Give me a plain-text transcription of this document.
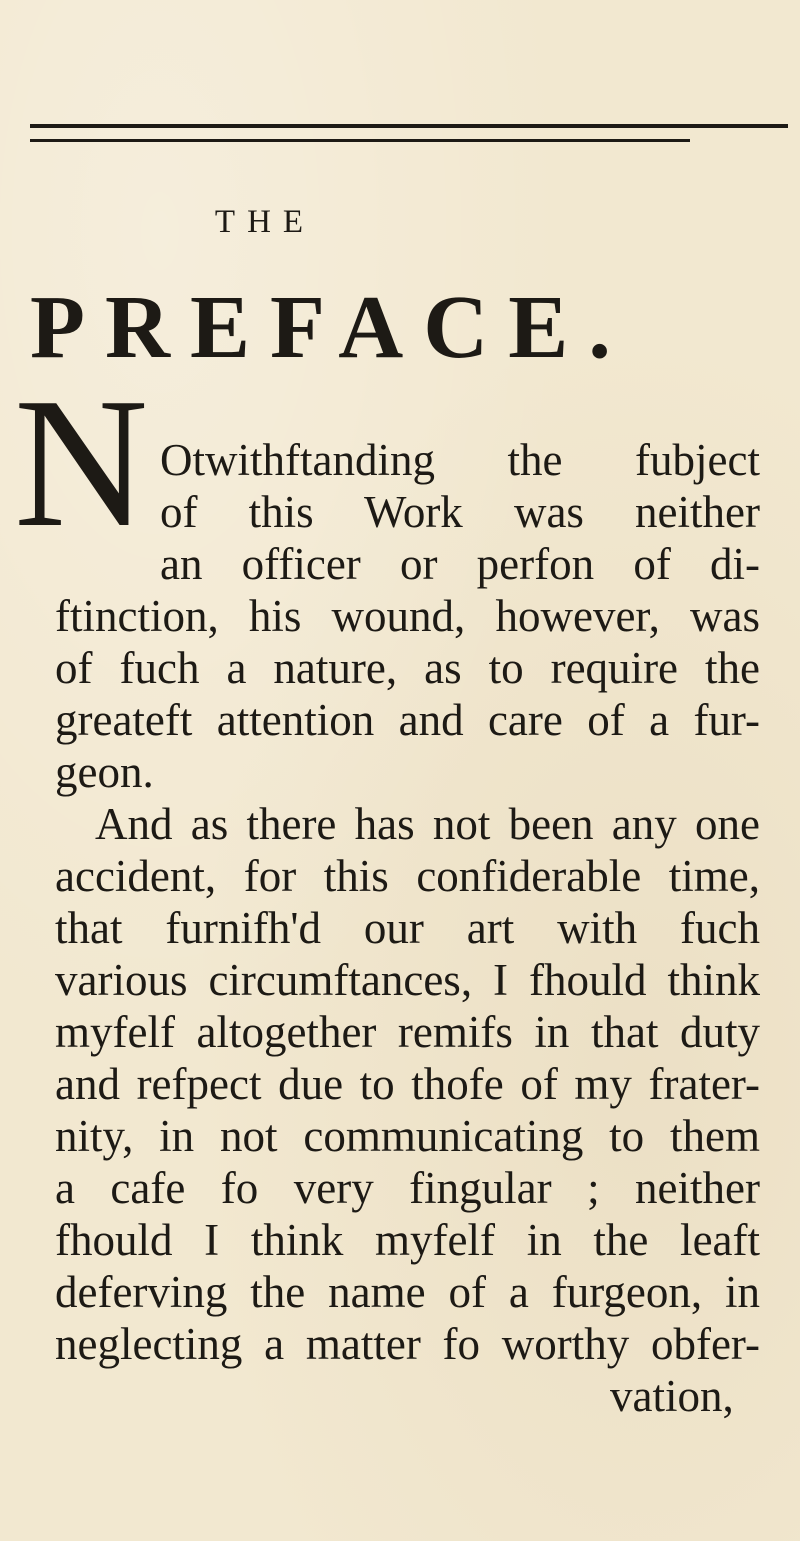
THE
PREFACE.
N Otwithftanding the fubject
of this Work was neither
an officer or perfon of di-
ftinction, his wound, however, was
of fuch a nature, as to require the
greateft attention and care of a fur-
geon.
And as there has not been any one
accident, for this confiderable time,
that furnifh'd our art with fuch
various circumftances, I fhould think
myfelf altogether remifs in that duty
and refpect due to thofe of my frater-
nity, in not communicating to them
a cafe fo very fingular ; neither
fhould I think myfelf in the leaft
deferving the name of a furgeon, in
neglecting a matter fo worthy obfer-
vation,
